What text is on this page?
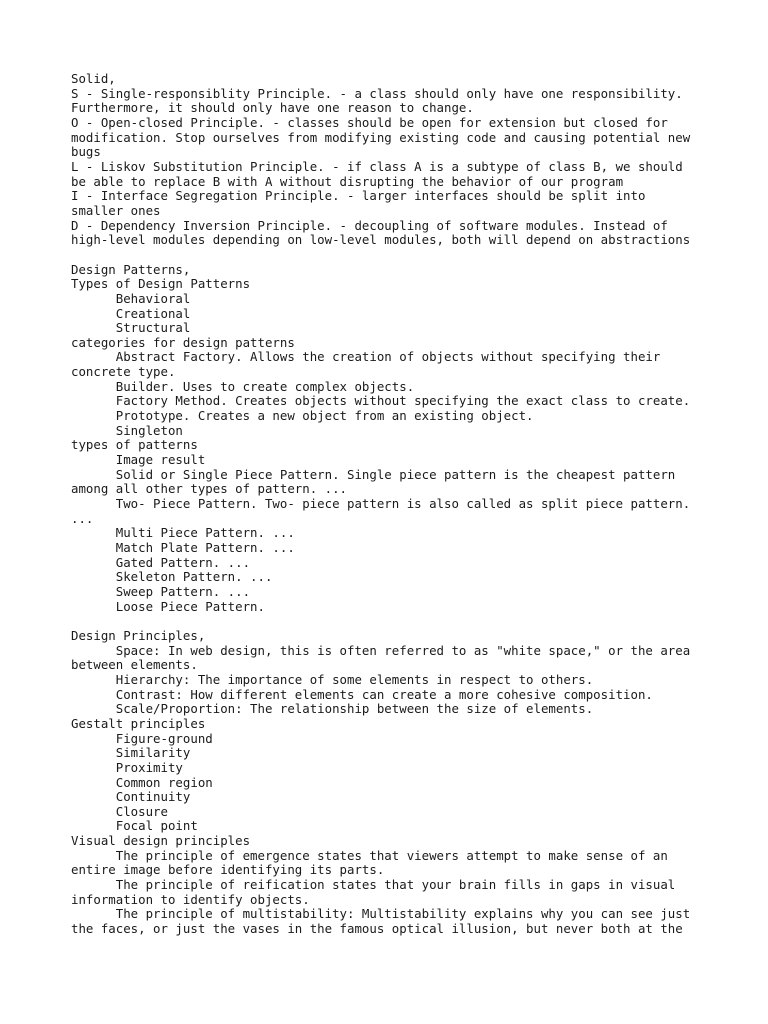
Solid,
S - Single-responsiblity Principle. - a class should only have one responsibility.
Furthermore, it should only have one reason to change.
O - Open-closed Principle. - classes should be open for extension but closed for
modification. Stop ourselves from modifying existing code and causing potential new
bugs
L - Liskov Substitution Principle. - if class A is a subtype of class B, we should
be able to replace B with A without disrupting the behavior of our program
I - Interface Segregation Principle. - larger interfaces should be split into
smaller ones
D - Dependency Inversion Principle. - decoupling of software modules. Instead of
high-level modules depending on low-level modules, both will depend on abstractions

Design Patterns,
Types of Design Patterns
Behavioral
Creational
Structural
categories for design patterns
Abstract Factory. Allows the creation of objects without specifying their
concrete type.
Builder. Uses to create complex objects.
Factory Method. Creates objects without specifying the exact class to create.
Prototype. Creates a new object from an existing object.
Singleton
types of patterns
Image result
Solid or Single Piece Pattern. Single piece pattern is the cheapest pattern
among all other types of pattern. ...
Two- Piece Pattern. Two- piece pattern is also called as split piece pattern.
...
Multi Piece Pattern. ...
Match Plate Pattern. ...
Gated Pattern. ...
Skeleton Pattern. ...
Sweep Pattern. ...
Loose Piece Pattern.

Design Principles,
Space: In web design, this is often referred to as "white space," or the area
between elements.
Hierarchy: The importance of some elements in respect to others.
Contrast: How different elements can create a more cohesive composition.
Scale/Proportion: The relationship between the size of elements.
Gestalt principles
Figure-ground
Similarity
Proximity
Common region
Continuity
Closure
Focal point
Visual design principles
The principle of emergence states that viewers attempt to make sense of an
entire image before identifying its parts.
The principle of reification states that your brain fills in gaps in visual
information to identify objects.
The principle of multistability: Multistability explains why you can see just
the faces, or just the vases in the famous optical illusion, but never both at the
